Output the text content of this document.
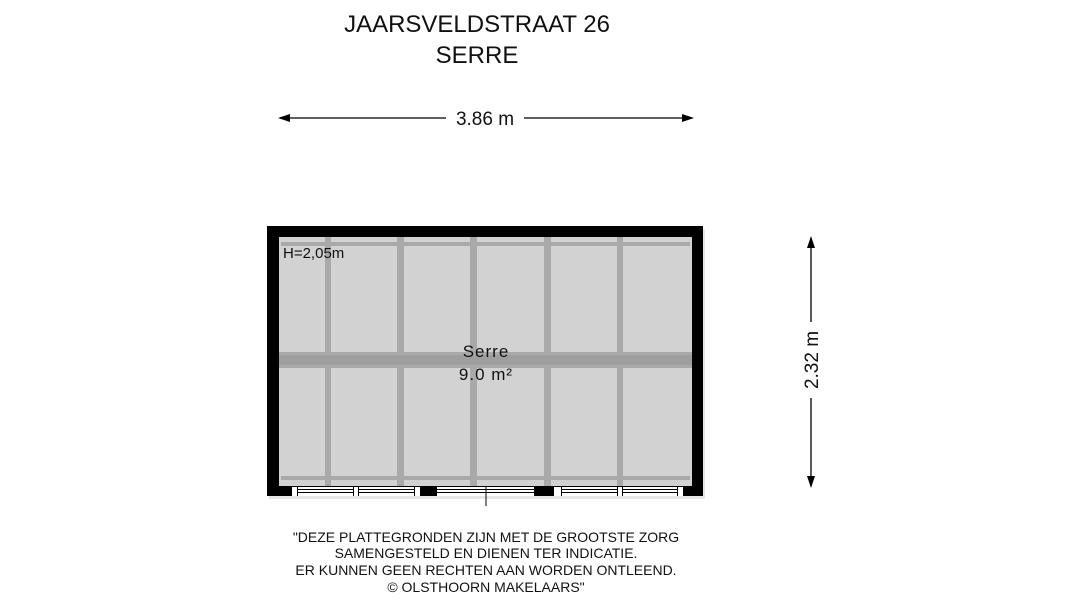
JAARSVELDSTRAAT 26
SERRE
3.86 m
2.32 m
H=2,05m
Serre
9.0 m²
"DEZE PLATTEGRONDEN ZIJN MET DE GROOTSTE ZORG
SAMENGESTELD EN DIENEN TER INDICATIE.
ER KUNNEN GEEN RECHTEN AAN WORDEN ONTLEEND.
© OLSTHOORN MAKELAARS"
